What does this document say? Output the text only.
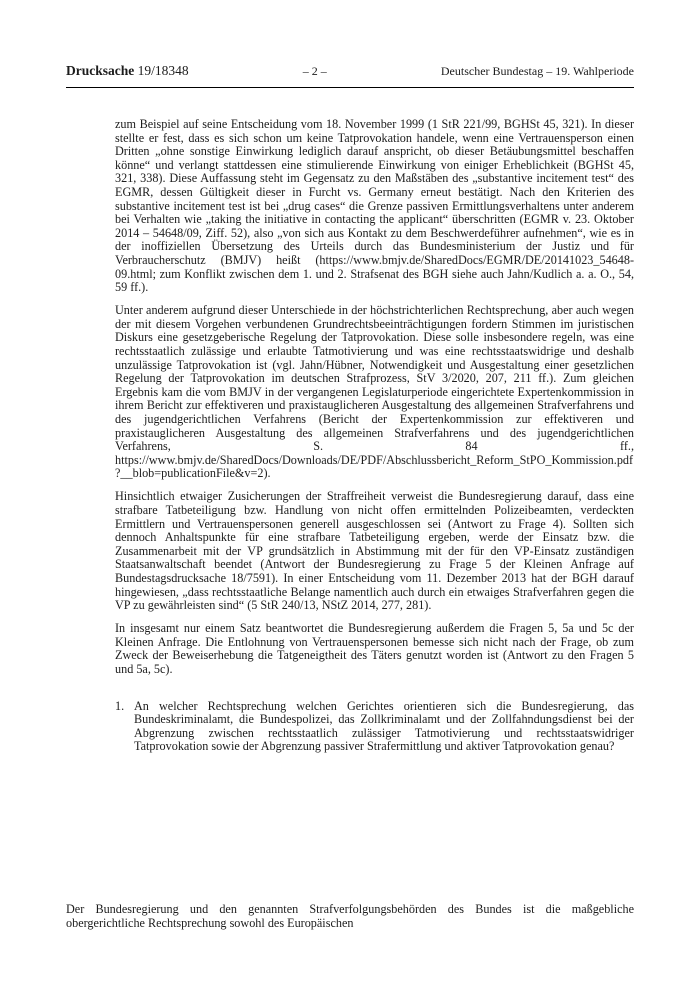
Drucksache 19/18348	– 2 –	Deutscher Bundestag – 19. Wahlperiode

zum Beispiel auf seine Entscheidung vom 18. November 1999 (1 StR 221/99, BGHSt 45, 321). In dieser stellte er fest, dass es sich schon um keine Tatprovokation handele, wenn eine Vertrauensperson einen Dritten „ohne sonstige Einwirkung lediglich darauf anspricht, ob dieser Betäubungsmittel beschaffen könne“ und verlangt stattdessen eine stimulierende Einwirkung von einiger Erheblichkeit (BGHSt 45, 321, 338). Diese Auffassung steht im Gegensatz zu den Maßstäben des „substantive incitement test“ des EGMR, dessen Gültigkeit dieser in Furcht vs. Germany erneut bestätigt. Nach den Kriterien des substantive incitement test ist bei „drug cases“ die Grenze passiven Ermittlungsverhaltens unter anderem bei Verhalten wie „taking the initiative in contacting the applicant“ überschritten (EGMR v. 23. Oktober 2014 – 54648/09, Ziff. 52), also „von sich aus Kontakt zu dem Beschwerdeführer aufnehmen“, wie es in der inoffiziellen Übersetzung des Urteils durch das Bundesministerium der Justiz und für Verbraucherschutz (BMJV) heißt (https://www.bmjv.de/SharedDocs/EGMR/DE/20141023_54648-09.html; zum Konflikt zwischen dem 1. und 2. Strafsenat des BGH siehe auch Jahn/Kudlich a. a. O., 54, 59 ff.).

Unter anderem aufgrund dieser Unterschiede in der höchstrichterlichen Rechtsprechung, aber auch wegen der mit diesem Vorgehen verbundenen Grundrechtsbeeinträchtigungen fordern Stimmen im juristischen Diskurs eine gesetzgeberische Regelung der Tatprovokation. Diese solle insbesondere regeln, was eine rechtsstaatlich zulässige und erlaubte Tatmotivierung und was eine rechtsstaatswidrige und deshalb unzulässige Tatprovokation ist (vgl. Jahn/Hübner, Notwendigkeit und Ausgestaltung einer gesetzlichen Regelung der Tatprovokation im deutschen Strafprozess, StV 3/2020, 207, 211 ff.). Zum gleichen Ergebnis kam die vom BMJV in der vergangenen Legislaturperiode eingerichtete Expertenkommission in ihrem Bericht zur effektiveren und praxistauglicheren Ausgestaltung des allgemeinen Strafverfahrens und des jugendgerichtlichen Verfahrens (Bericht der Expertenkommission zur effektiveren und praxistauglicheren Ausgestaltung des allgemeinen Strafverfahrens und des jugendgerichtlichen Verfahrens, S. 84 ff., https://www.bmjv.de/SharedDocs/Downloads/DE/PDF/Abschlussbericht_Reform_StPO_Kommission.pdf?__blob=publicationFile&v=2).

Hinsichtlich etwaiger Zusicherungen der Straffreiheit verweist die Bundesregierung darauf, dass eine strafbare Tatbeteiligung bzw. Handlung von nicht offen ermittelnden Polizeibeamten, verdeckten Ermittlern und Vertrauenspersonen generell ausgeschlossen sei (Antwort zu Frage 4). Sollten sich dennoch Anhaltspunkte für eine strafbare Tatbeteiligung ergeben, werde der Einsatz bzw. die Zusammenarbeit mit der VP grundsätzlich in Abstimmung mit der für den VP-Einsatz zuständigen Staatsanwaltschaft beendet (Antwort der Bundesregierung zu Frage 5 der Kleinen Anfrage auf Bundestagsdrucksache 18/7591). In einer Entscheidung vom 11. Dezember 2013 hat der BGH darauf hingewiesen, „dass rechtsstaatliche Belange namentlich auch durch ein etwaiges Strafverfahren gegen die VP zu gewährleisten sind“ (5 StR 240/13, NStZ 2014, 277, 281).

In insgesamt nur einem Satz beantwortet die Bundesregierung außerdem die Fragen 5, 5a und 5c der Kleinen Anfrage. Die Entlohnung von Vertrauenspersonen bemesse sich nicht nach der Frage, ob zum Zweck der Beweiserhebung die Tatgeneigtheit des Täters genutzt worden ist (Antwort zu den Fragen 5 und 5a, 5c).

1. An welcher Rechtsprechung welchen Gerichtes orientieren sich die Bundesregierung, das Bundeskriminalamt, die Bundespolizei, das Zollkriminalamt und der Zollfahndungsdienst bei der Abgrenzung zwischen rechtsstaatlich zulässiger Tatmotivierung und rechtsstaatswidriger Tatprovokation sowie der Abgrenzung passiver Strafermittlung und aktiver Tatprovokation genau?

Der Bundesregierung und den genannten Strafverfolgungsbehörden des Bundes ist die maßgebliche obergerichtliche Rechtsprechung sowohl des Europäischen
